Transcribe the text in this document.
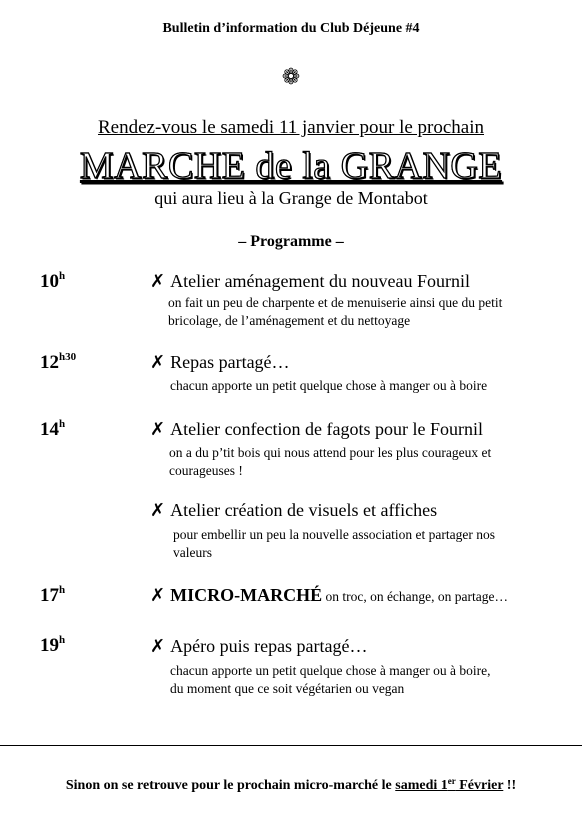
Bulletin d’information du Club Déjeune #4
❁
Rendez-vous le samedi 11 janvier pour le prochain
MARCHE de la GRANGE
qui aura lieu à la Grange de Montabot
– Programme –
10$^h$	✗ Atelier aménagement du nouveau Fournil
on fait un peu de charpente et de menuiserie ainsi que du petit
bricolage, de l’aménagement et du nettoyage
$12^{h30}$	✗ Repas partagé…
chacun apporte un petit quelque chose à manger ou à boire
14$^h$	✗ Atelier confection de fagots pour le Fournil
on a du p’tit bois qui nous attend pour les plus courageux et
courageuses !
✗ Atelier création de visuels et affiches
pour embellir un peu la nouvelle association et partager nos
valeurs
17$^h$	✗ MICRO-MARCHÉ on troc, on échange, on partage…
19$^h$	✗ Apéro puis repas partagé…
chacun apporte un petit quelque chose à manger ou à boire,
du moment que ce soit végétarien ou vegan
Sinon on se retrouve pour le prochain micro-marché le samedi 1er Février !!
